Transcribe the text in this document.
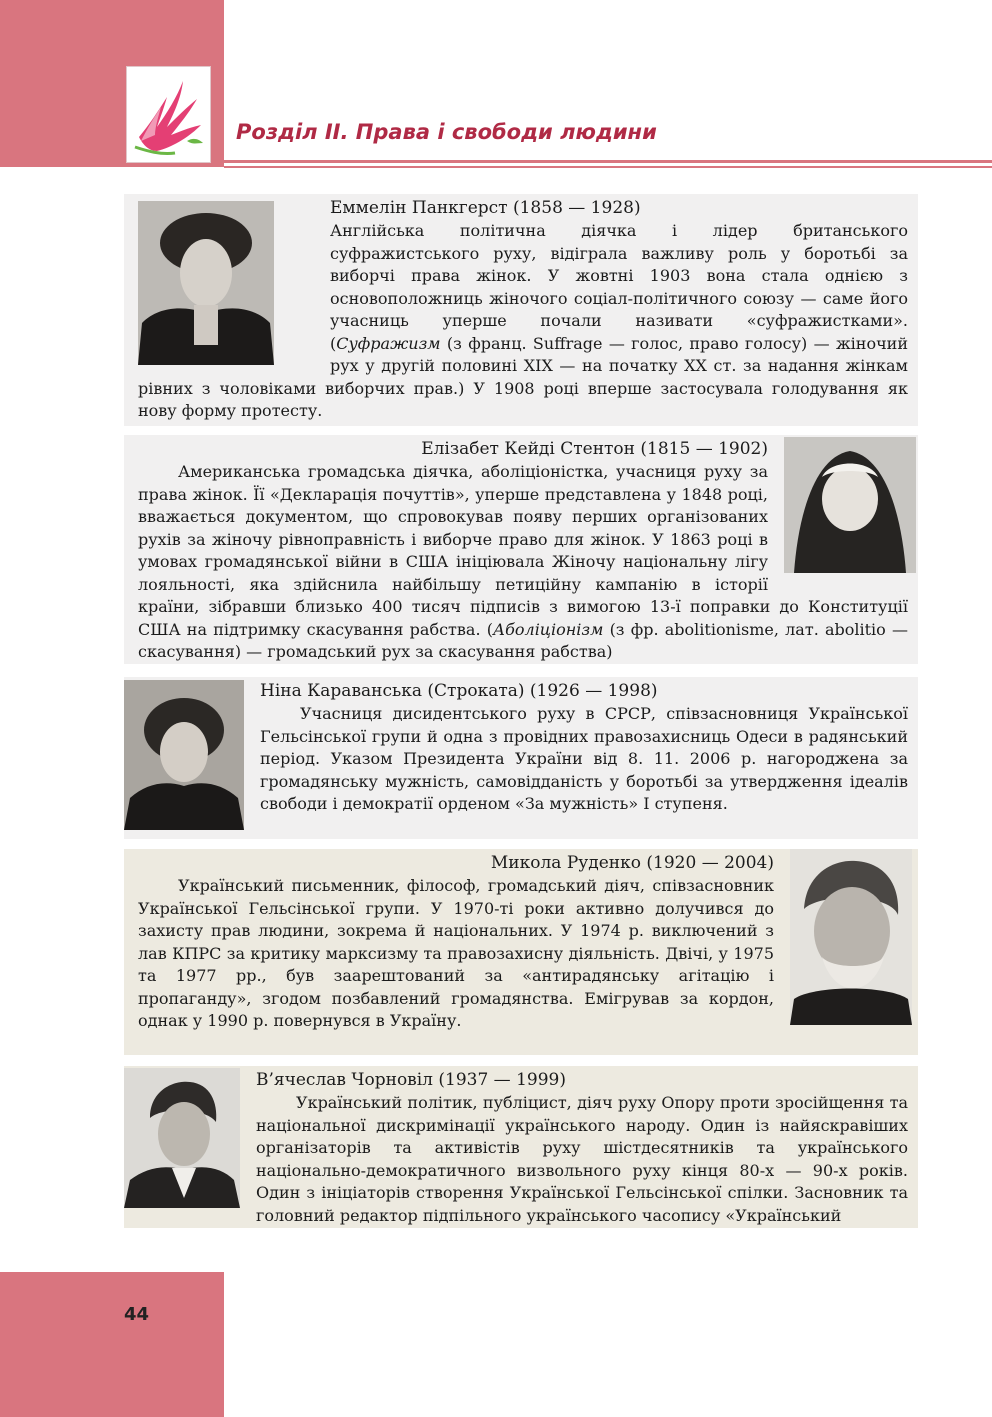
44
Розділ ІІ. Права і свободи людини
Еммелін Панкгерст (1858 — 1928)

Англійська політична діячка і лідер британського суфражистського руху, відіграла важливу роль у боротьбі за виборчі права жінок. У жовтні 1903 вона стала однією з основоположниць жіночого соціал-політичного союзу — саме його учасниць уперше почали називати «суфражистками». (Суфражизм (з франц. Suffrage — голос, право голосу) — жіночий рух у другій половині XIX — на початку XX ст. за надання жінкам рівних з чоловіками виборчих прав.) У 1908 році вперше застосувала голодування як нову форму протесту.

Елізабет Кейді Стентон (1815 — 1902)

Американська громадська діячка, аболіціоністка, учасниця руху за права жінок. Її «Декларація почуттів», уперше представлена у 1848 році, вважається документом, що спровокував появу перших організованих рухів за жіночу рівноправність і виборче право для жінок. У 1863 році в умовах громадянської війни в США ініціювала Жіночу національну лігу лояльності, яка здійснила найбільшу петиційну кампанію в історії країни, зібравши близько 400 тисяч підписів з вимогою 13-ї поправки до Конституції США на підтримку скасування рабства. (Аболіціонізм (з фр. abolitionisme, лат. abolitio — скасування) — громадський рух за скасування рабства)

Ніна Караванська (Строката) (1926 — 1998)

Учасниця дисидентського руху в СРСР, співзасновниця Української Гельсінської групи й одна з провідних правозахисниць Одеси в радянський період. Указом Президента України від 8. 11. 2006 р. нагороджена за громадянську мужність, самовідданість у боротьбі за утвердження ідеалів свободи і демократії орденом «За мужність» І ступеня.

Микола Руденко (1920 — 2004)

Український письменник, філософ, громадський діяч, співзасновник Української Гельсінської групи. У 1970-ті роки активно долучився до захисту прав людини, зокрема й національних. У 1974 р. виключений з лав КПРС за критику марксизму та правозахисну діяльність. Двічі, у 1975 та 1977 рр., був заарештований за «антирадянську агітацію і пропаганду», згодом позбавлений громадянства. Емігрував за кордон, однак у 1990 р. повернувся в Україну.

В’ячеслав Чорновіл (1937 — 1999)

Український політик, публіцист, діяч руху Опору проти зросійщення та національної дискримінації українського народу. Один із найяскравіших організаторів та активістів руху шістдесятників та українського національно-демократичного визвольного руху кінця 80-х — 90-х років. Один з ініціаторів створення Української Гельсінської спілки. Засновник та головний редактор підпільного українського часопису «Український
